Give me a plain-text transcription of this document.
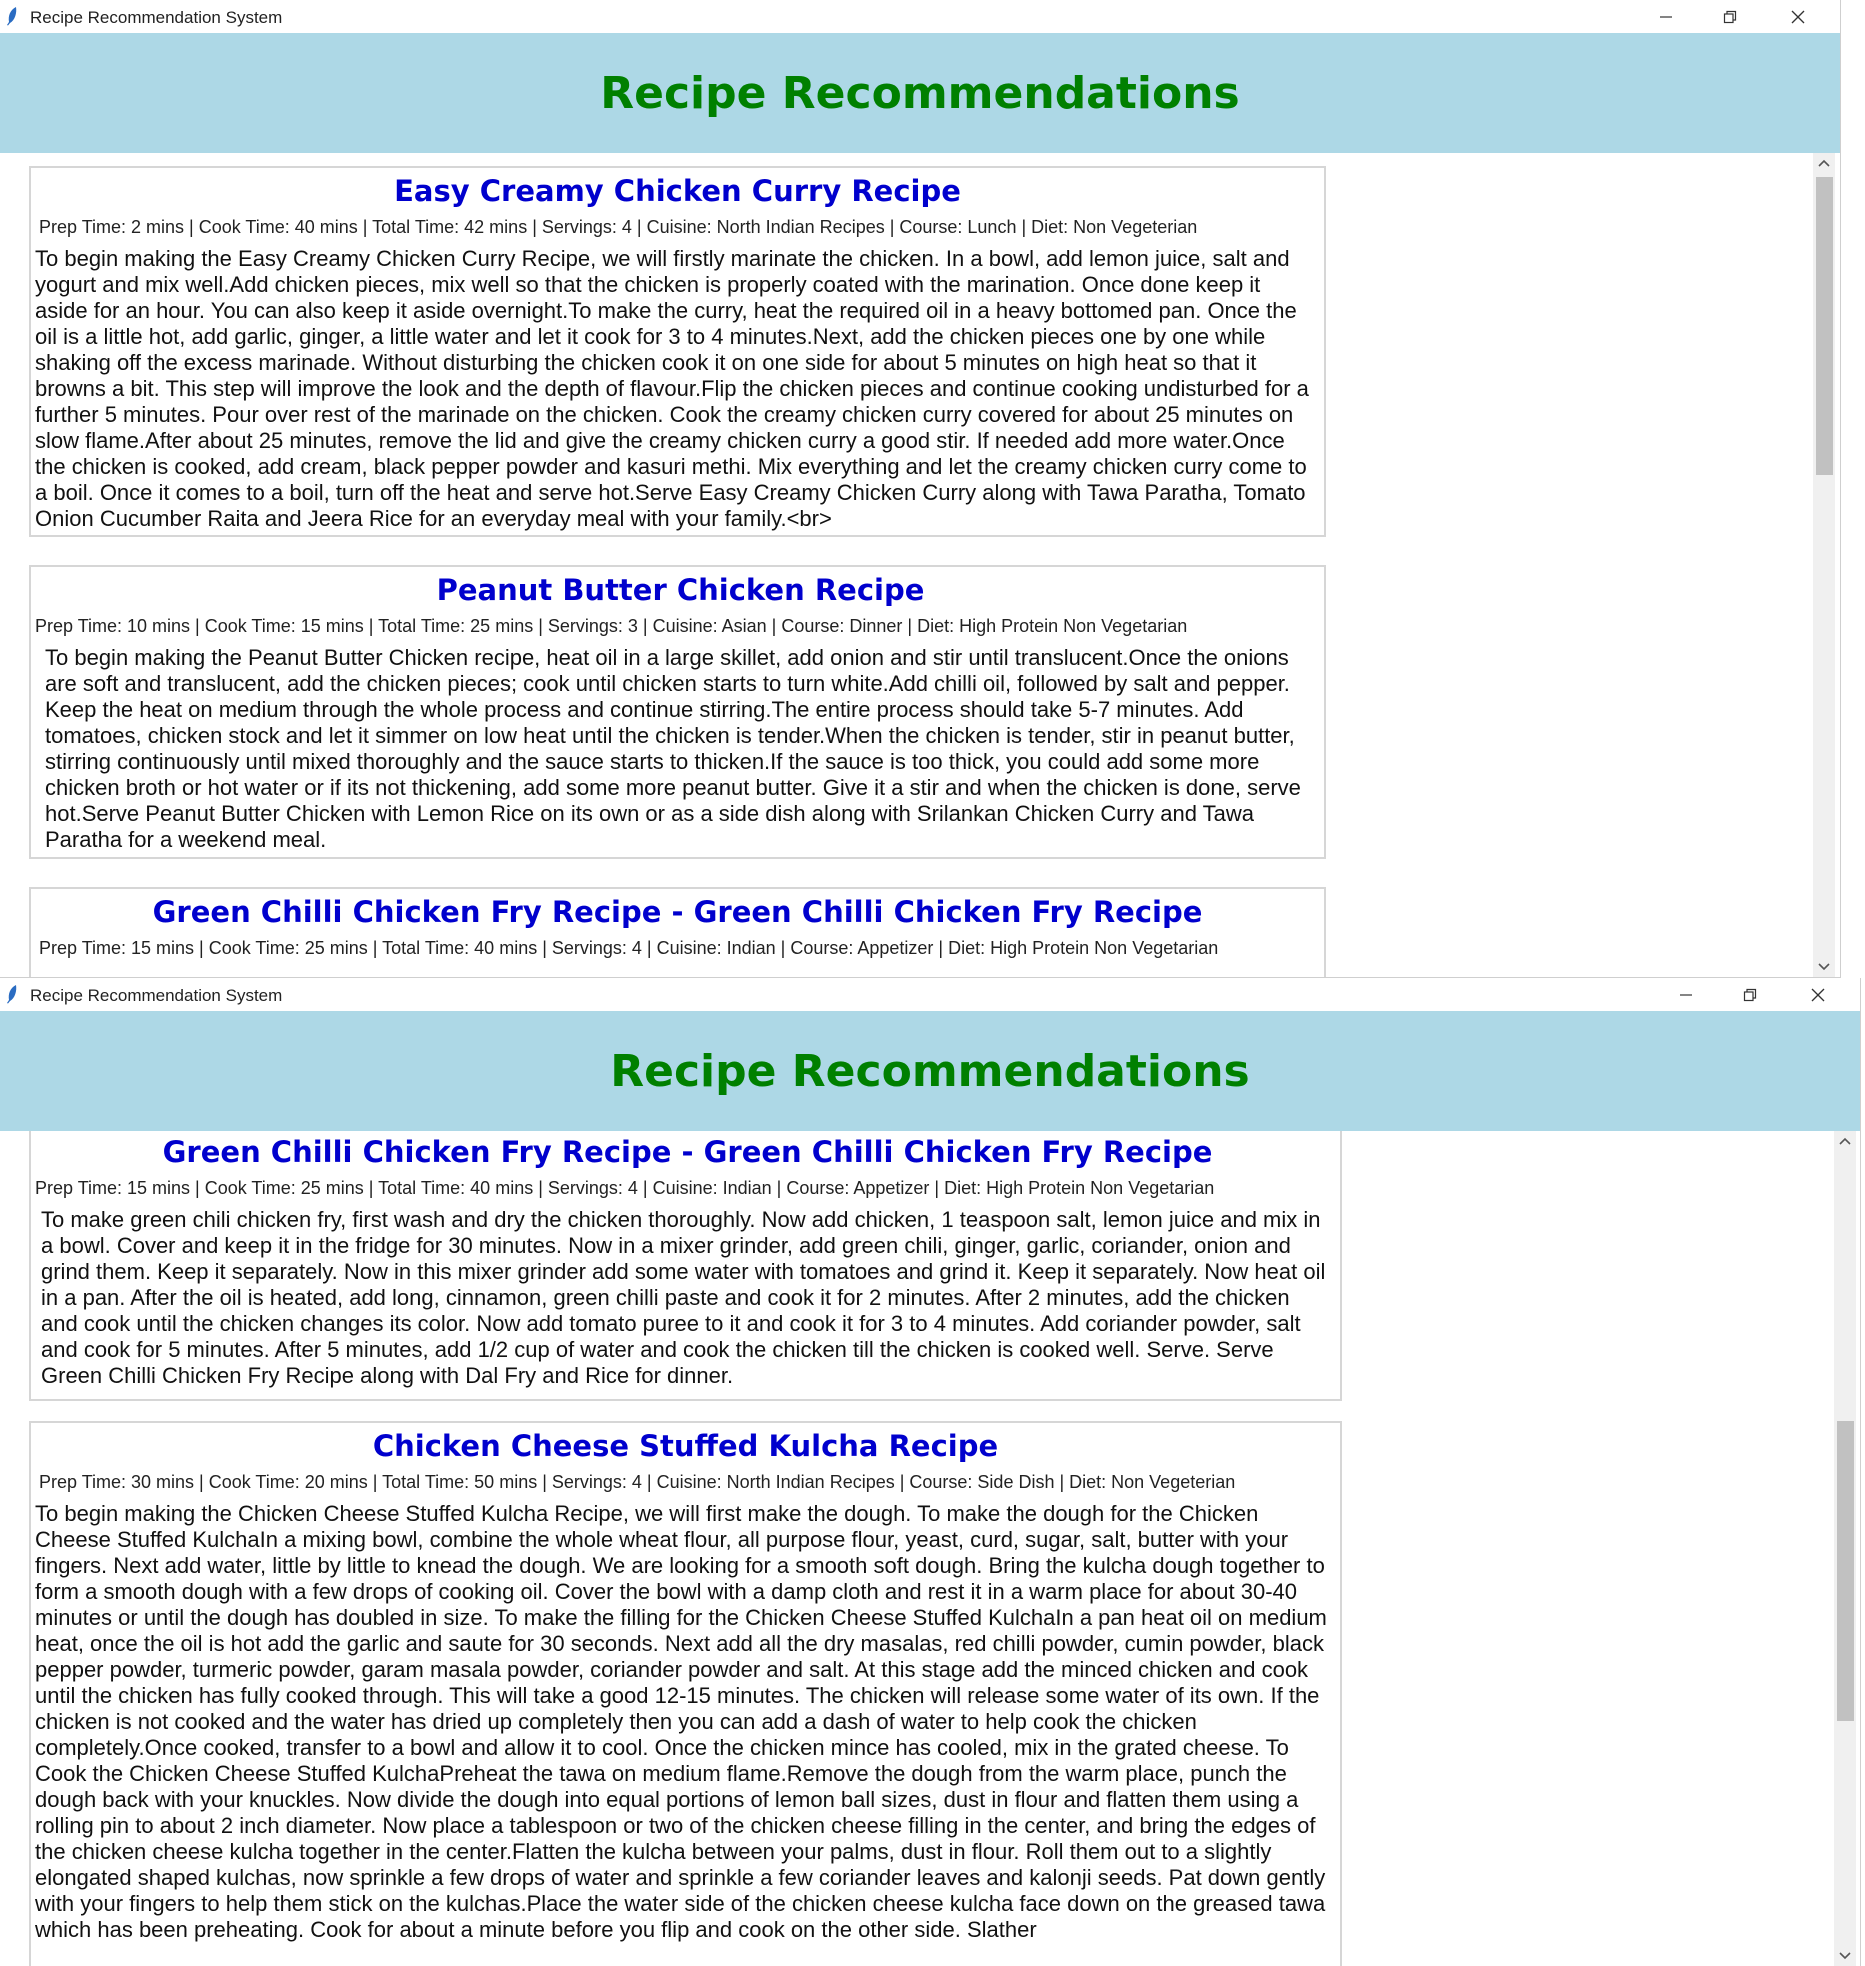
Recipe Recommendation System
Recipe Recommendations
Easy Creamy Chicken Curry Recipe
Prep Time: 2 mins | Cook Time: 40 mins | Total Time: 42 mins | Servings: 4 | Cuisine: North Indian Recipes | Course: Lunch | Diet: Non Vegeterian
To begin making the Easy Creamy Chicken Curry Recipe, we will firstly marinate the chicken. In a bowl, add lemon juice, salt and yogurt and mix well.Add chicken pieces, mix well so that the chicken is properly coated with the marination. Once done keep it aside for an hour. You can also keep it aside overnight.To make the curry, heat the required oil in a heavy bottomed pan. Once the oil is a little hot, add garlic, ginger, a little water and let it cook for 3 to 4 minutes.Next, add the chicken pieces one by one while shaking off the excess marinade. Without disturbing the chicken cook it on one side for about 5 minutes on high heat so that it browns a bit. This step will improve the look and the depth of flavour.Flip the chicken pieces and continue cooking undisturbed for a further 5 minutes. Pour over rest of the marinade on the chicken. Cook the creamy chicken curry covered for about 25 minutes on slow flame.After about 25 minutes, remove the lid and give the creamy chicken curry a good stir. If needed add more water.Once the chicken is cooked, add cream, black pepper powder and kasuri methi. Mix everything and let the creamy chicken curry come to a boil. Once it comes to a boil, turn off the heat and serve hot.Serve Easy Creamy Chicken Curry along with Tawa Paratha, Tomato Onion Cucumber Raita and Jeera Rice for an everyday meal with your family.<br>
Peanut Butter Chicken Recipe
Prep Time: 10 mins | Cook Time: 15 mins | Total Time: 25 mins | Servings: 3 | Cuisine: Asian | Course: Dinner | Diet: High Protein Non Vegetarian
To begin making the Peanut Butter Chicken recipe, heat oil in a large skillet, add onion and stir until translucent.Once the onions are soft and translucent, add the chicken pieces; cook until chicken starts to turn white.Add chilli oil, followed by salt and pepper. Keep the heat on medium through the whole process and continue stirring.The entire process should take 5-7 minutes. Add tomatoes, chicken stock and let it simmer on low heat until the chicken is tender.When the chicken is tender, stir in peanut butter, stirring continuously until mixed thoroughly and the sauce starts to thicken.If the sauce is too thick, you could add some more chicken broth or hot water or if its not thickening, add some more peanut butter. Give it a stir and when the chicken is done, serve hot.Serve Peanut Butter Chicken with Lemon Rice on its own or as a side dish along with Srilankan Chicken Curry and Tawa Paratha for a weekend meal.
Green Chilli Chicken Fry Recipe - Green Chilli Chicken Fry Recipe
Prep Time: 15 mins | Cook Time: 25 mins | Total Time: 40 mins | Servings: 4 | Cuisine: Indian | Course: Appetizer | Diet: High Protein Non Vegetarian
Recipe Recommendation System
Recipe Recommendations
Green Chilli Chicken Fry Recipe - Green Chilli Chicken Fry Recipe
Prep Time: 15 mins | Cook Time: 25 mins | Total Time: 40 mins | Servings: 4 | Cuisine: Indian | Course: Appetizer | Diet: High Protein Non Vegetarian
To make green chili chicken fry, first wash and dry the chicken thoroughly. Now add chicken, 1 teaspoon salt, lemon juice and mix in a bowl. Cover and keep it in the fridge for 30 minutes. Now in a mixer grinder, add green chili, ginger, garlic, coriander, onion and grind them. Keep it separately. Now in this mixer grinder add some water with tomatoes and grind it. Keep it separately. Now heat oil in a pan. After the oil is heated, add long, cinnamon, green chilli paste and cook it for 2 minutes. After 2 minutes, add the chicken and cook until the chicken changes its color. Now add tomato puree to it and cook it for 3 to 4 minutes. Add coriander powder, salt and cook for 5 minutes. After 5 minutes, add 1/2 cup of water and cook the chicken till the chicken is cooked well. Serve. Serve Green Chilli Chicken Fry Recipe along with Dal Fry and Rice for dinner.
Chicken Cheese Stuffed Kulcha Recipe
Prep Time: 30 mins | Cook Time: 20 mins | Total Time: 50 mins | Servings: 4 | Cuisine: North Indian Recipes | Course: Side Dish | Diet: Non Vegeterian
To begin making the Chicken Cheese Stuffed Kulcha Recipe, we will first make the dough. To make the dough for the Chicken Cheese Stuffed KulchaIn a mixing bowl, combine the whole wheat flour, all purpose flour, yeast, curd, sugar, salt, butter with your fingers. Next add water, little by little to knead the dough. We are looking for a smooth soft dough. Bring the kulcha dough together to form a smooth dough with a few drops of cooking oil. Cover the bowl with a damp cloth and rest it in a warm place for about 30-40 minutes or until the dough has doubled in size. To make the filling for the Chicken Cheese Stuffed KulchaIn a pan heat oil on medium heat, once the oil is hot add the garlic and saute for 30 seconds. Next add all the dry masalas, red chilli powder, cumin powder, black pepper powder, turmeric powder, garam masala powder, coriander powder and salt. At this stage add the minced chicken and cook until the chicken has fully cooked through. This will take a good 12-15 minutes. The chicken will release some water of its own. If the chicken is not cooked and the water has dried up completely then you can add a dash of water to help cook the chicken completely.Once cooked, transfer to a bowl and allow it to cool. Once the chicken mince has cooled, mix in the grated cheese. To Cook the Chicken Cheese Stuffed KulchaPreheat the tawa on medium flame.Remove the dough from the warm place, punch the dough back with your knuckles. Now divide the dough into equal portions of lemon ball sizes, dust in flour and flatten them using a rolling pin to about 2 inch diameter. Now place a tablespoon or two of the chicken cheese filling in the center, and bring the edges of the chicken cheese kulcha together in the center.Flatten the kulcha between your palms, dust in flour. Roll them out to a slightly elongated shaped kulchas, now sprinkle a few drops of water and sprinkle a few coriander leaves and kalonji seeds. Pat down gently with your fingers to help them stick on the kulchas.Place the water side of the chicken cheese kulcha face down on the greased tawa which has been preheating. Cook for about a minute before you flip and cook on the other side. Slather
